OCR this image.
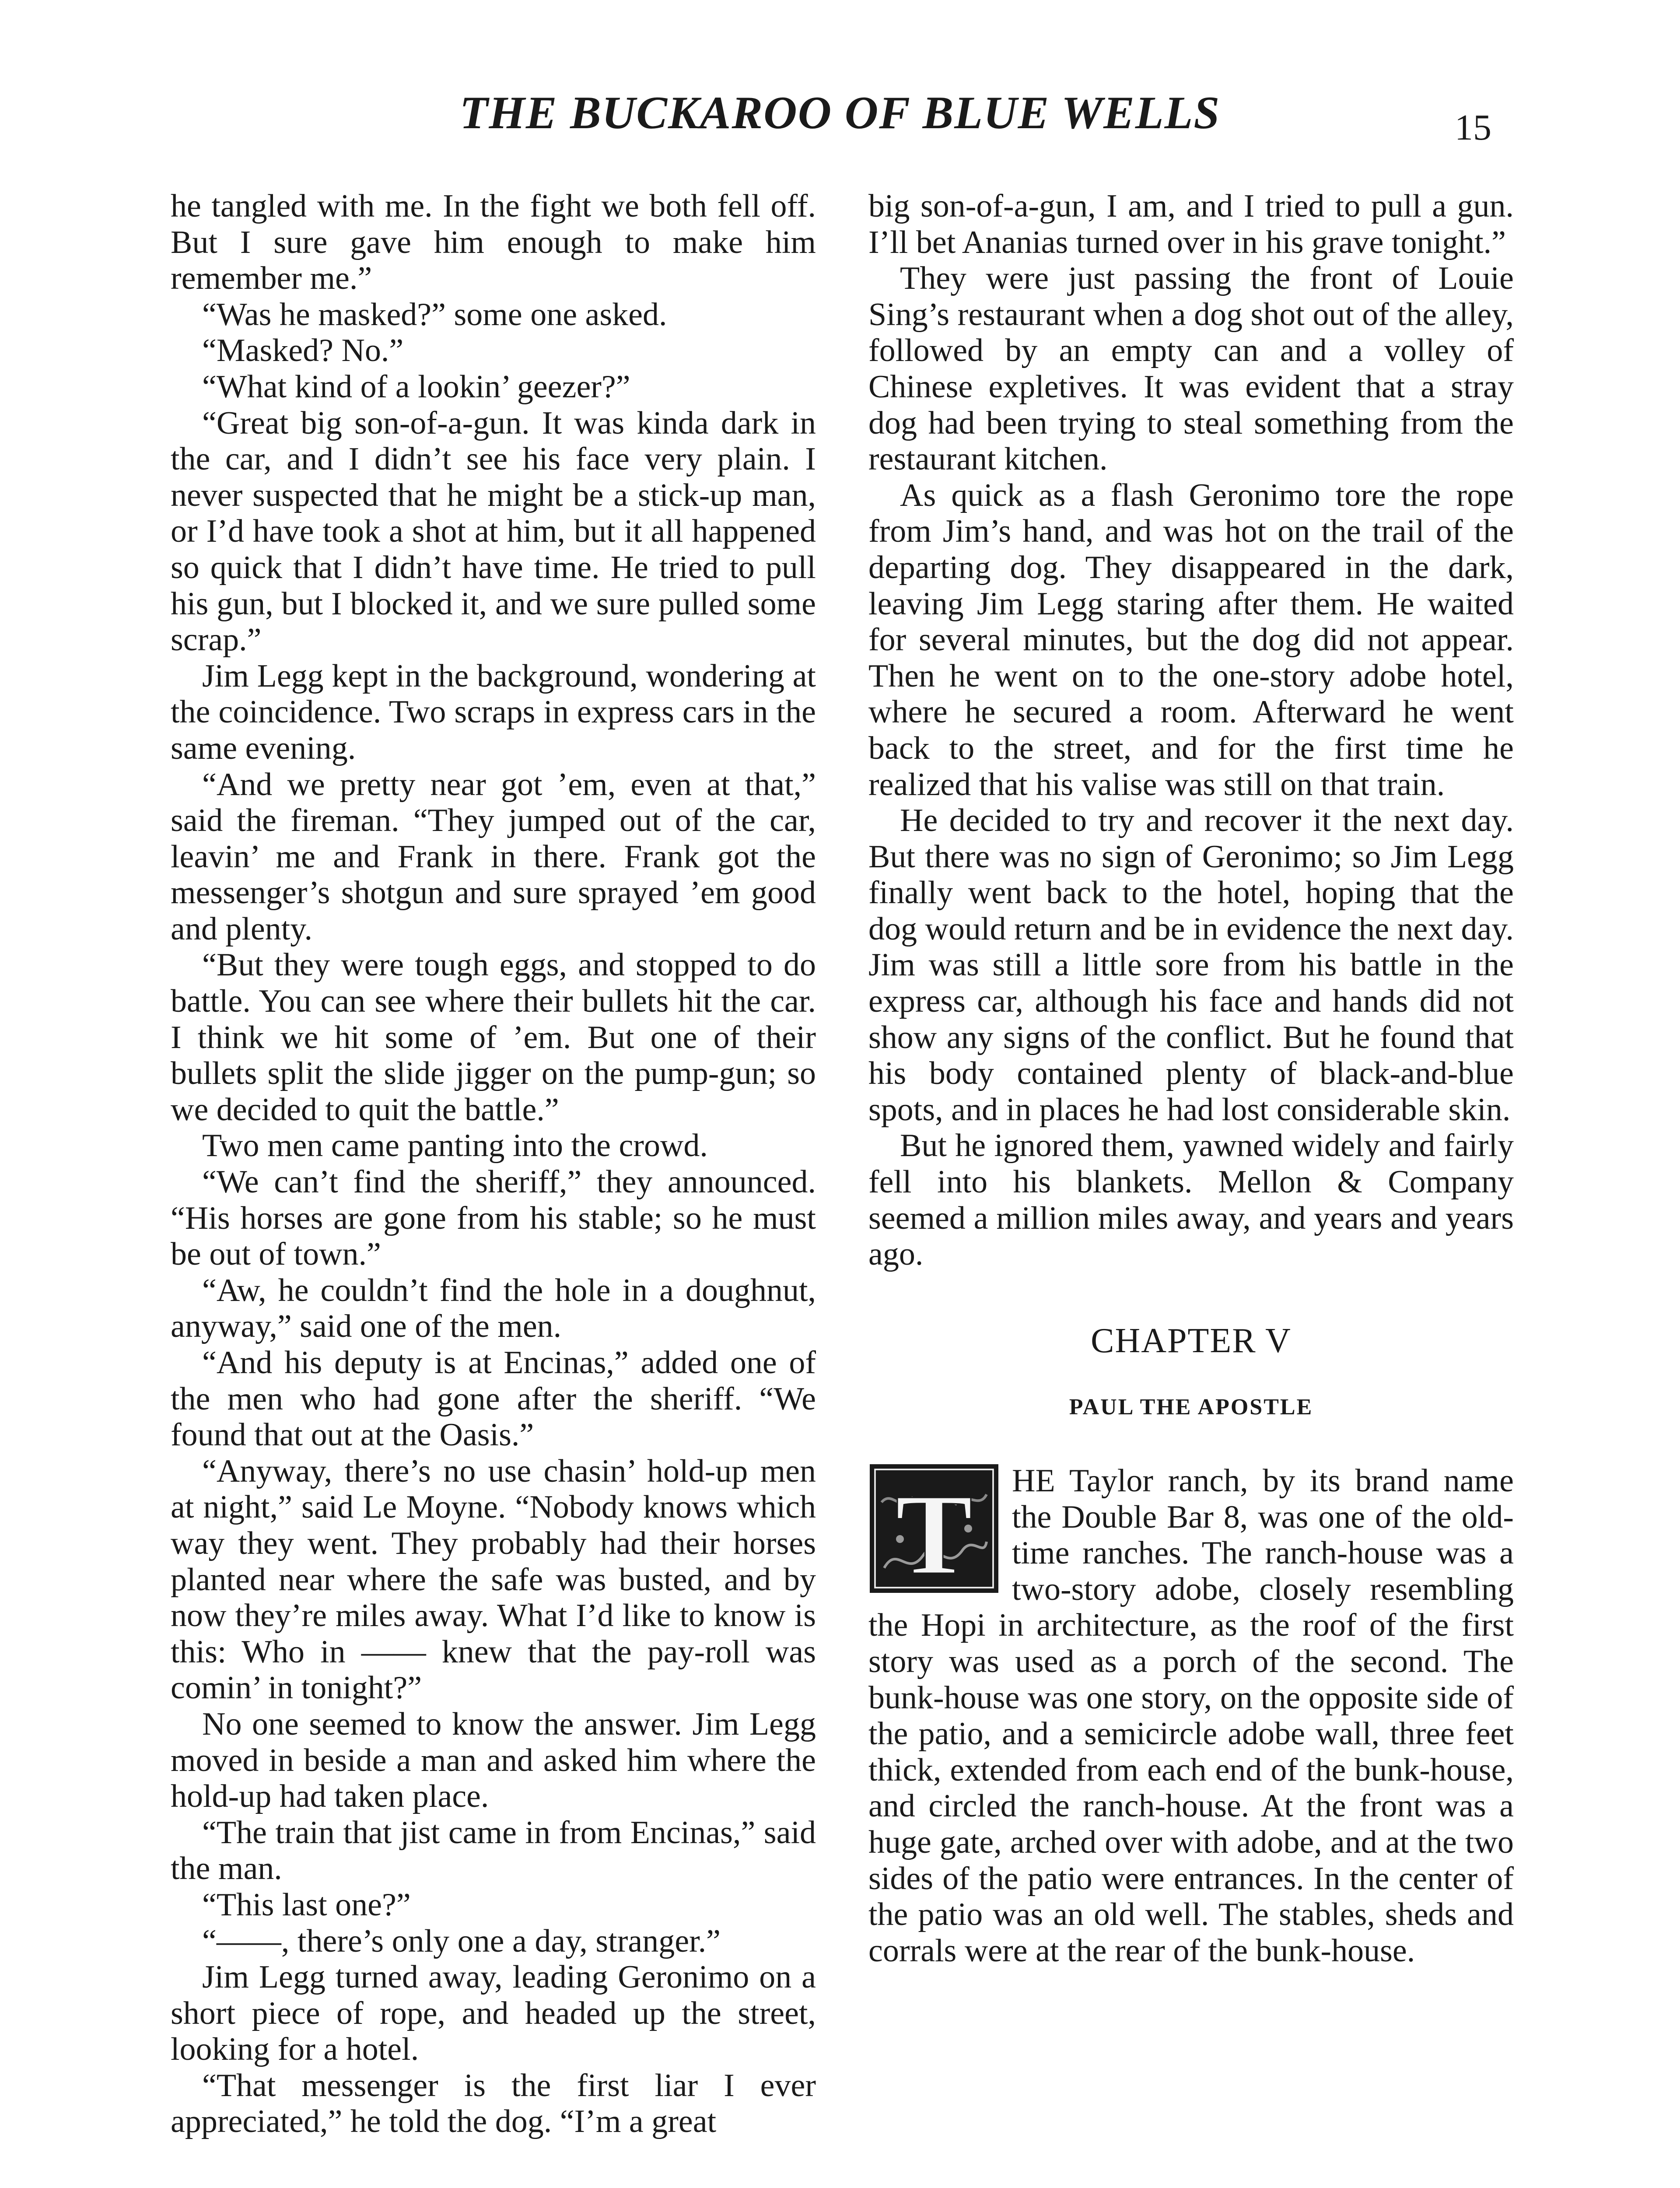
THE BUCKAROO OF BLUE WELLS	15

he tangled with me. In the fight we both fell off. But I sure gave him enough to make him remember me.”

“Was he masked?” some one asked.

“Masked? No.”

“What kind of a lookin’ geezer?”

“Great big son-of-a-gun. It was kinda dark in the car, and I didn’t see his face very plain. I never suspected that he might be a stick-up man, or I’d have took a shot at him, but it all happened so quick that I didn’t have time. He tried to pull his gun, but I blocked it, and we sure pulled some scrap.”

Jim Legg kept in the background, wondering at the coincidence. Two scraps in express cars in the same evening.

“And we pretty near got ’em, even at that,” said the fireman. “They jumped out of the car, leavin’ me and Frank in there. Frank got the messenger’s shotgun and sure sprayed ’em good and plenty.

“But they were tough eggs, and stopped to do battle. You can see where their bullets hit the car. I think we hit some of ’em. But one of their bullets split the slide jigger on the pump-gun; so we decided to quit the battle.”

Two men came panting into the crowd.

“We can’t find the sheriff,” they announced. “His horses are gone from his stable; so he must be out of town.”

“Aw, he couldn’t find the hole in a doughnut, anyway,” said one of the men.

“And his deputy is at Encinas,” added one of the men who had gone after the sheriff. “We found that out at the Oasis.”

“Anyway, there’s no use chasin’ hold-up men at night,” said Le Moyne. “Nobody knows which way they went. They probably had their horses planted near where the safe was busted, and by now they’re miles away. What I’d like to know is this: Who in —— knew that the pay-roll was comin’ in tonight?”

No one seemed to know the answer. Jim Legg moved in beside a man and asked him where the hold-up had taken place.

“The train that jist came in from Encinas,” said the man.

“This last one?”

“——, there’s only one a day, stranger.”

Jim Legg turned away, leading Geronimo on a short piece of rope, and headed up the street, looking for a hotel.

“That messenger is the first liar I ever appreciated,” he told the dog. “I’m a great

big son-of-a-gun, I am, and I tried to pull a gun. I’ll bet Ananias turned over in his grave tonight.”

They were just passing the front of Louie Sing’s restaurant when a dog shot out of the alley, followed by an empty can and a volley of Chinese expletives. It was evident that a stray dog had been trying to steal something from the restaurant kitchen.

As quick as a flash Geronimo tore the rope from Jim’s hand, and was hot on the trail of the departing dog. They disappeared in the dark, leaving Jim Legg staring after them. He waited for several minutes, but the dog did not appear. Then he went on to the one-story adobe hotel, where he secured a room. Afterward he went back to the street, and for the first time he realized that his valise was still on that train.

He decided to try and recover it the next day. But there was no sign of Geronimo; so Jim Legg finally went back to the hotel, hoping that the dog would return and be in evidence the next day. Jim was still a little sore from his battle in the express car, although his face and hands did not show any signs of the conflict. But he found that his body contained plenty of black-and-blue spots, and in places he had lost considerable skin.

But he ignored them, yawned widely and fairly fell into his blankets. Mellon & Company seemed a million miles away, and years and years ago.

CHAPTER V
PAUL THE APOSTLE
T	HE Taylor ranch, by its brand name the Double Bar 8, was one of the old-time ranches. The ranch-house was a two-story adobe, closely resembling the Hopi in architecture, as the roof of the first story was used as a porch of the second. The bunk-house was one story, on the opposite side of the patio, and a semicircle adobe wall, three feet thick, extended from each end of the bunk-house, and circled the ranch-house. At the front was a huge gate, arched over with adobe, and at the two sides of the patio were entrances. In the center of the patio was an old well. The stables, sheds and corrals were at the rear of the bunk-house.
